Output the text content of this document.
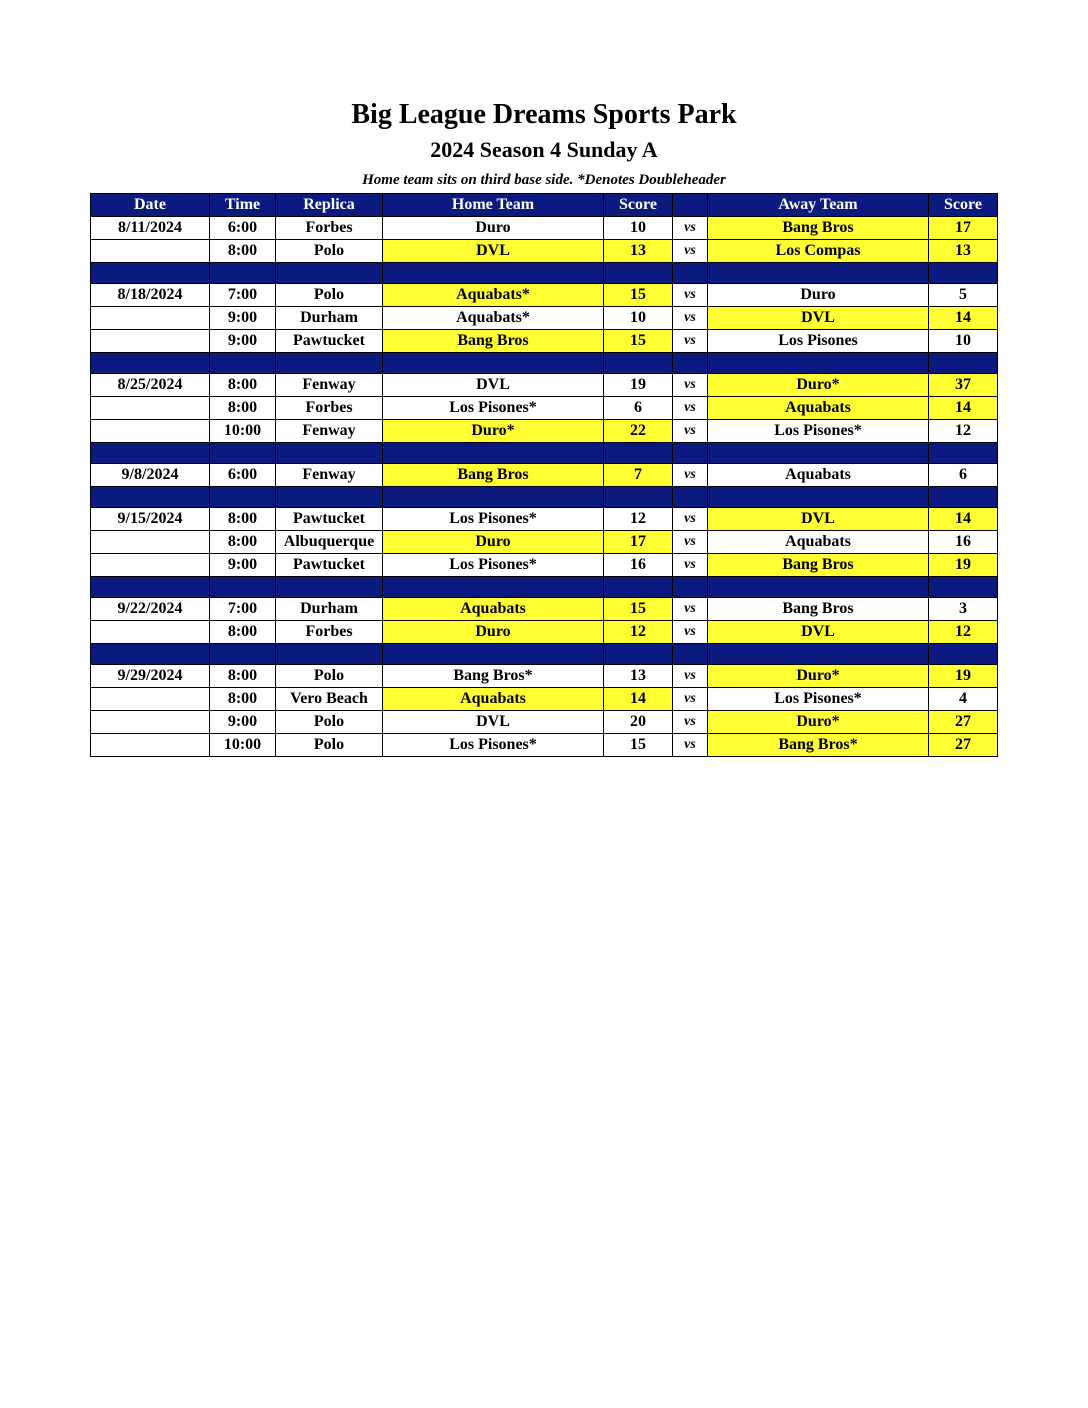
Big League Dreams Sports Park
2024 Season 4 Sunday A
Home team sits on third base side. *Denotes Doubleheader
Date	Time	Replica	Home Team	Score		Away Team	Score
8/11/2024	6:00	Forbes	Duro	10	vs	Bang Bros	17
	8:00	Polo	DVL	13	vs	Los Compas	13

8/18/2024	7:00	Polo	Aquabats*	15	vs	Duro	5
	9:00	Durham	Aquabats*	10	vs	DVL	14
	9:00	Pawtucket	Bang Bros	15	vs	Los Pisones	10

8/25/2024	8:00	Fenway	DVL	19	vs	Duro*	37
	8:00	Forbes	Los Pisones*	6	vs	Aquabats	14
	10:00	Fenway	Duro*	22	vs	Los Pisones*	12

9/8/2024	6:00	Fenway	Bang Bros	7	vs	Aquabats	6

9/15/2024	8:00	Pawtucket	Los Pisones*	12	vs	DVL	14
	8:00	Albuquerque	Duro	17	vs	Aquabats	16
	9:00	Pawtucket	Los Pisones*	16	vs	Bang Bros	19

9/22/2024	7:00	Durham	Aquabats	15	vs	Bang Bros	3
	8:00	Forbes	Duro	12	vs	DVL	12

9/29/2024	8:00	Polo	Bang Bros*	13	vs	Duro*	19
	8:00	Vero Beach	Aquabats	14	vs	Los Pisones*	4
	9:00	Polo	DVL	20	vs	Duro*	27
	10:00	Polo	Los Pisones*	15	vs	Bang Bros*	27
